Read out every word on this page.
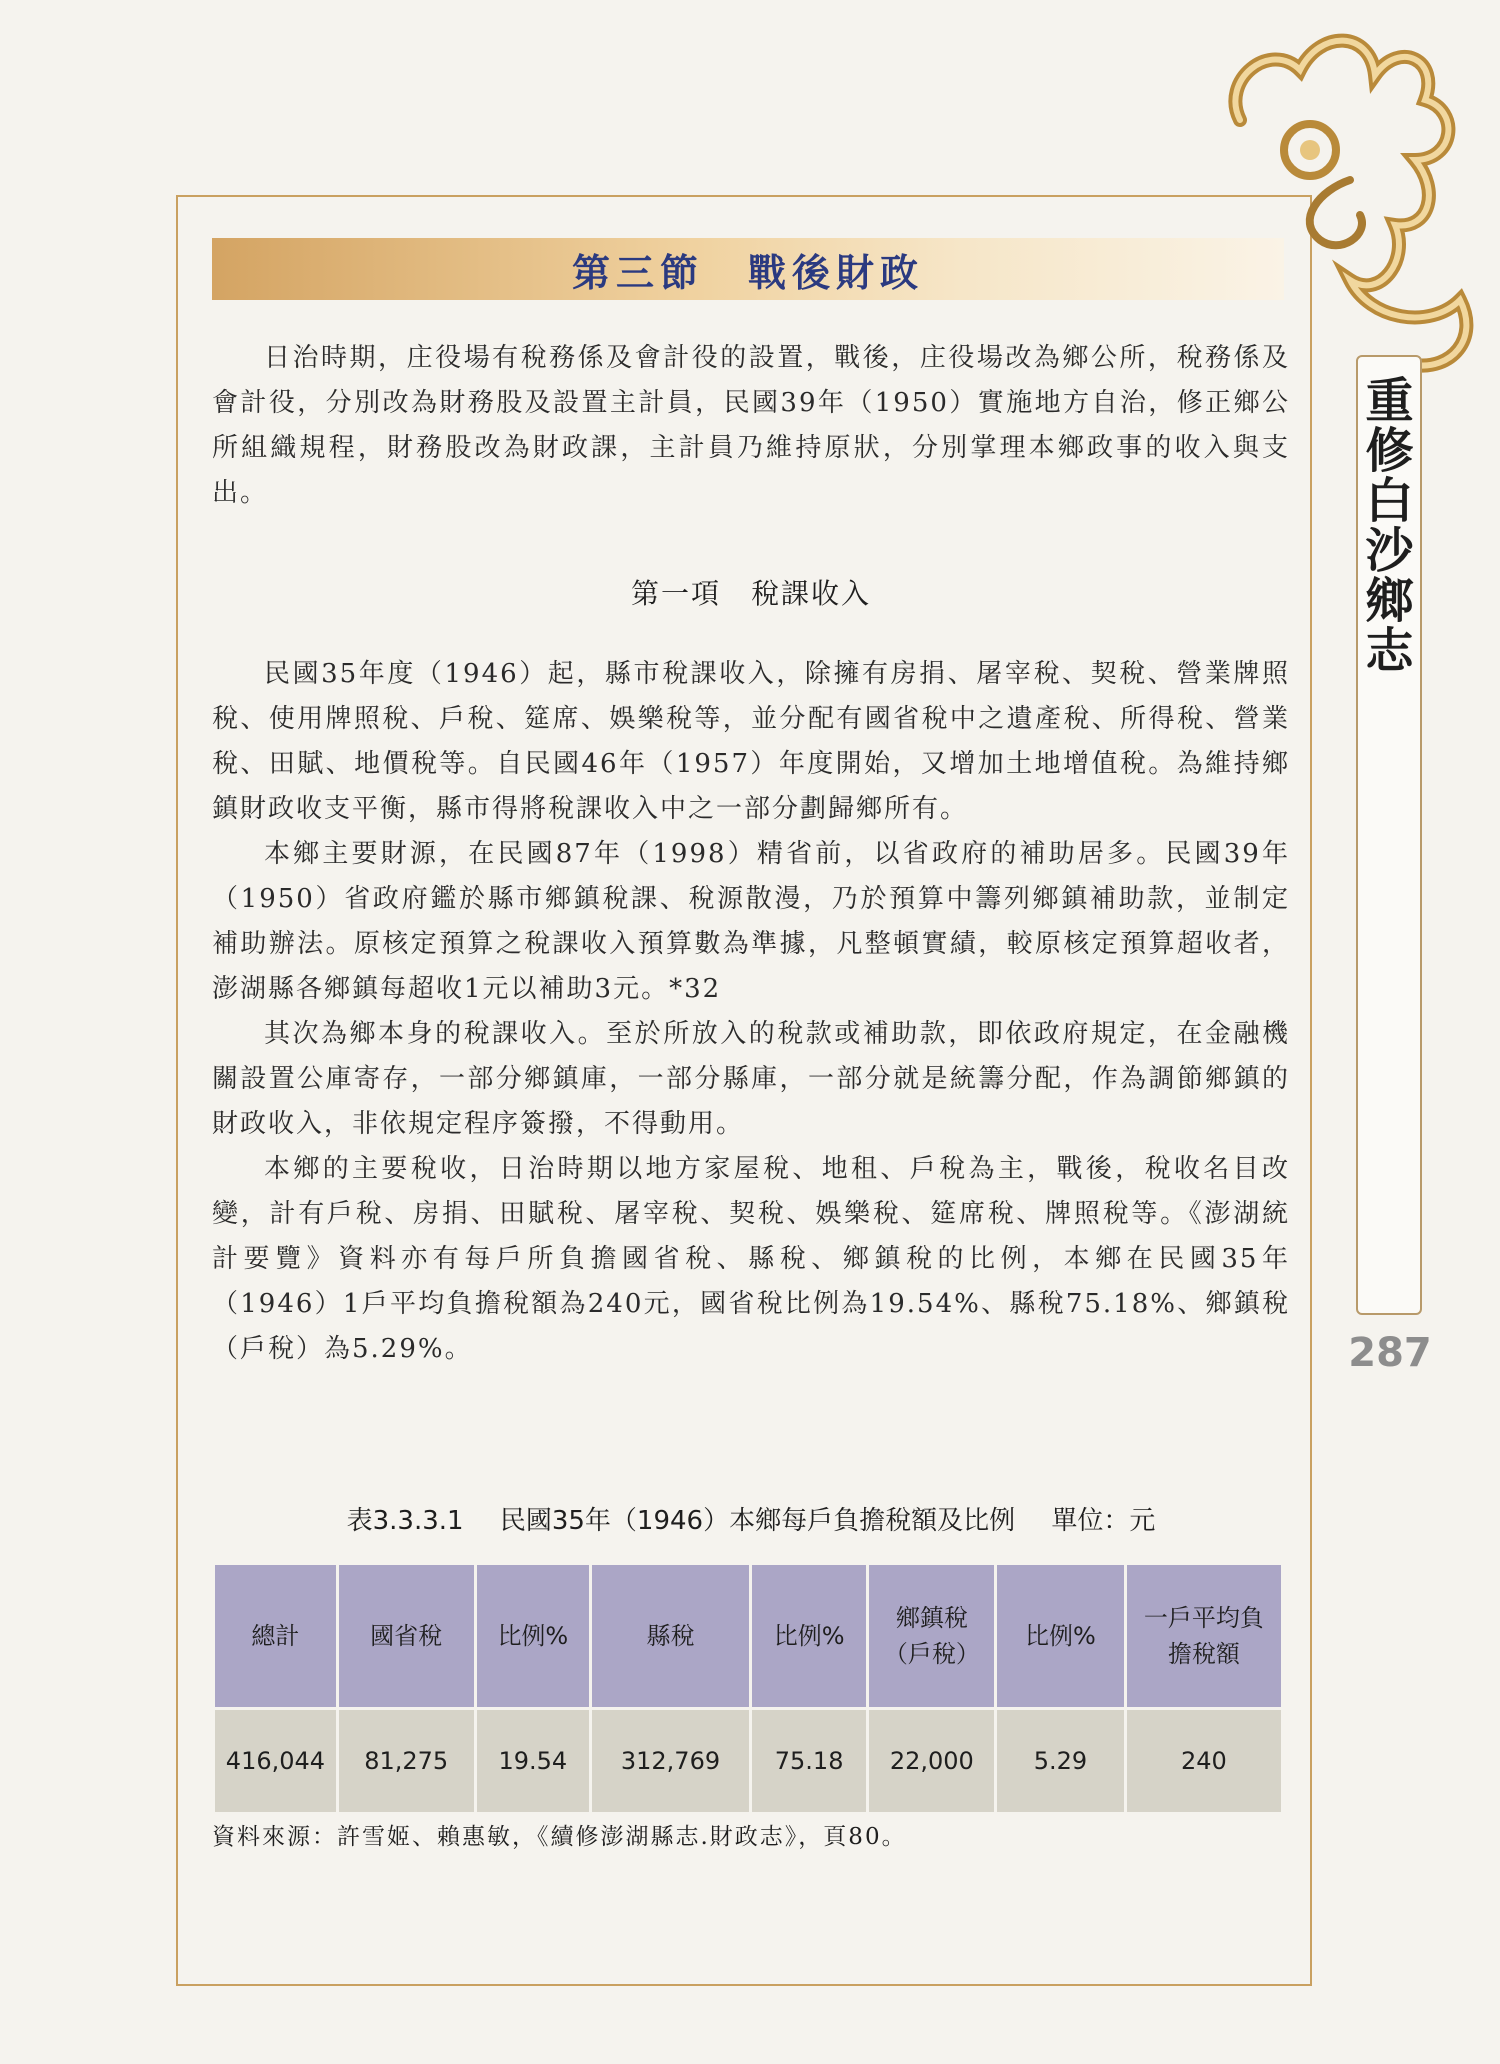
重修白沙鄉志
287
第三節　戰後財政

日治時期，庄役場有稅務係及會計役的設置，戰後，庄役場改為鄉公所，稅務係及會計役，分別改為財務股及設置主計員，民國39年（1950）實施地方自治，修正鄉公所組織規程，財務股改為財政課，主計員乃維持原狀，分別掌理本鄉政事的收入與支出。

第一項　稅課收入

民國35年度（1946）起，縣市稅課收入，除擁有房捐、屠宰稅、契稅、營業牌照稅、使用牌照稅、戶稅、筵席、娛樂稅等，並分配有國省稅中之遺產稅、所得稅、營業稅、田賦、地價稅等。自民國46年（1957）年度開始，又增加土地增值稅。為維持鄉鎮財政收支平衡，縣市得將稅課收入中之一部分劃歸鄉所有。

本鄉主要財源，在民國87年（1998）精省前，以省政府的補助居多。民國39年（1950）省政府鑑於縣市鄉鎮稅課、稅源散漫，乃於預算中籌列鄉鎮補助款，並制定補助辦法。原核定預算之稅課收入預算數為準據，凡整頓實績，較原核定預算超收者，澎湖縣各鄉鎮每超收1元以補助3元。*32

其次為鄉本身的稅課收入。至於所放入的稅款或補助款，即依政府規定，在金融機關設置公庫寄存，一部分鄉鎮庫，一部分縣庫，一部分就是統籌分配，作為調節鄉鎮的財政收入，非依規定程序簽撥，不得動用。

本鄉的主要稅收，日治時期以地方家屋稅、地租、戶稅為主，戰後，稅收名目改變，計有戶稅、房捐、田賦稅、屠宰稅、契稅、娛樂稅、筵席稅、牌照稅等。《澎湖統計要覽》資料亦有每戶所負擔國省稅、縣稅、鄉鎮稅的比例，本鄉在民國35年（1946）1戶平均負擔稅額為240元，國省稅比例為19.54%、縣稅75.18%、鄉鎮稅（戶稅）為5.29%。

表3.3.3.1 民國35年（1946）本鄉每戶負擔稅額及比例 單位：元
總計	國省稅	比例%	縣稅	比例%	鄉鎮稅（戶稅）	比例%	一戶平均負擔稅額
416,044	81,275	19.54	312,769	75.18	22,000	5.29	240
資料來源：許雪姬、賴惠敏，《續修澎湖縣志.財政志》，頁80。
